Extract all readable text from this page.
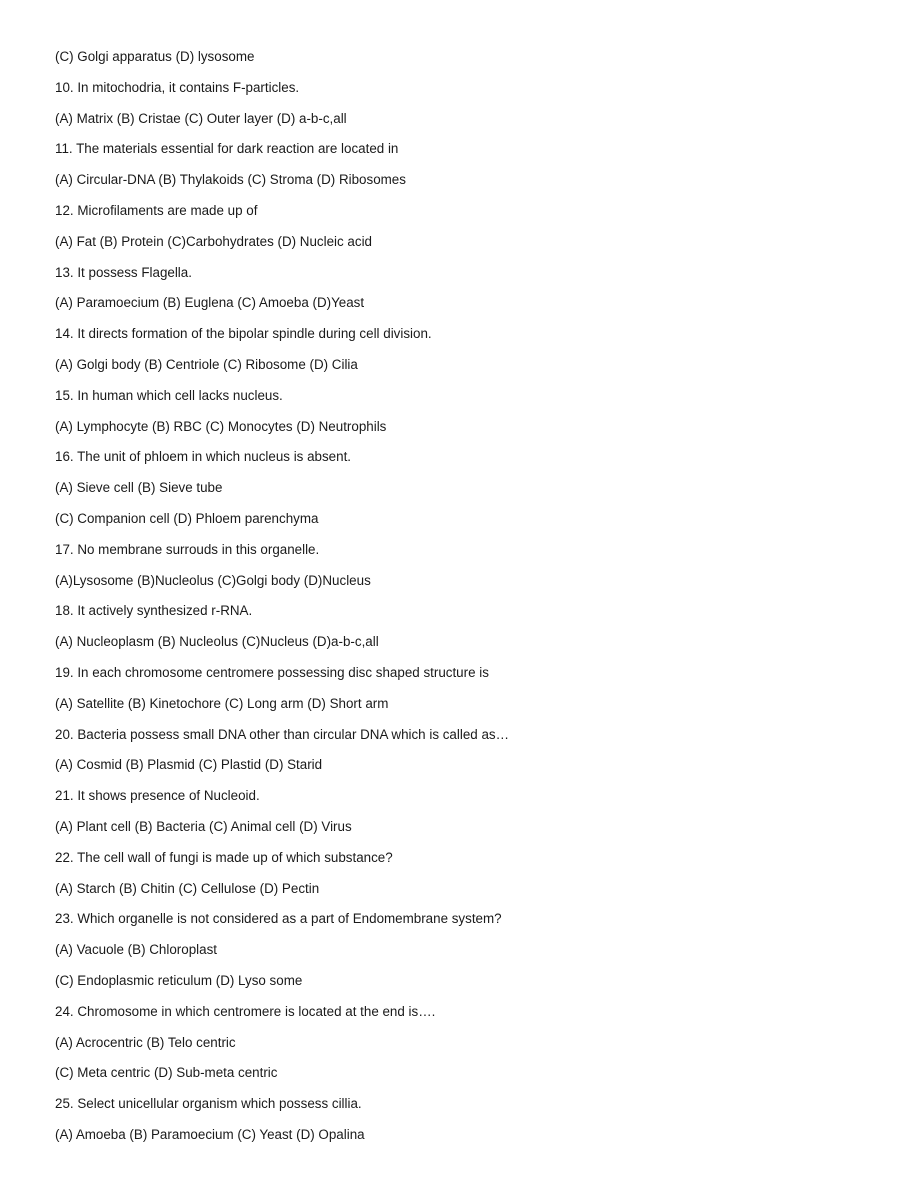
(C) Golgi apparatus (D) lysosome
10. In mitochodria, it contains F-particles.
(A) Matrix (B) Cristae (C) Outer layer (D) a-b-c,all
11. The materials essential for dark reaction are located in
(A) Circular-DNA (B) Thylakoids (C) Stroma (D) Ribosomes
12. Microfilaments are made up of
(A) Fat (B) Protein (C)Carbohydrates (D) Nucleic acid
13. It possess Flagella.
(A) Paramoecium (B) Euglena (C) Amoeba (D)Yeast
14. It directs formation of the bipolar spindle during cell division.
(A) Golgi body (B) Centriole (C) Ribosome (D) Cilia
15. In human which cell lacks nucleus.
(A) Lymphocyte (B) RBC (C) Monocytes (D) Neutrophils
16. The unit of phloem in which nucleus is absent.
(A) Sieve cell (B) Sieve tube
(C) Companion cell (D) Phloem parenchyma
17. No membrane surrouds in this organelle.
(A)Lysosome (B)Nucleolus (C)Golgi body (D)Nucleus
18. It actively synthesized r-RNA.
(A) Nucleoplasm (B) Nucleolus (C)Nucleus (D)a-b-c,all
19. In each chromosome centromere possessing disc shaped structure is
(A) Satellite (B) Kinetochore (C) Long arm (D) Short arm
20. Bacteria possess small DNA other than circular DNA which is called as…
(A) Cosmid (B) Plasmid (C) Plastid (D) Starid
21. It shows presence of Nucleoid.
(A) Plant cell (B) Bacteria (C) Animal cell (D) Virus
22. The cell wall of fungi is made up of which substance?
(A) Starch (B) Chitin (C) Cellulose (D) Pectin
23. Which organelle is not considered as a part of Endomembrane system?
(A) Vacuole (B) Chloroplast
(C) Endoplasmic reticulum (D) Lyso some
24. Chromosome in which centromere is located at the end is….
(A) Acrocentric (B) Telo centric
(C) Meta centric (D) Sub-meta centric
25. Select unicellular organism which possess cillia.
(A) Amoeba (B) Paramoecium (C) Yeast (D) Opalina
